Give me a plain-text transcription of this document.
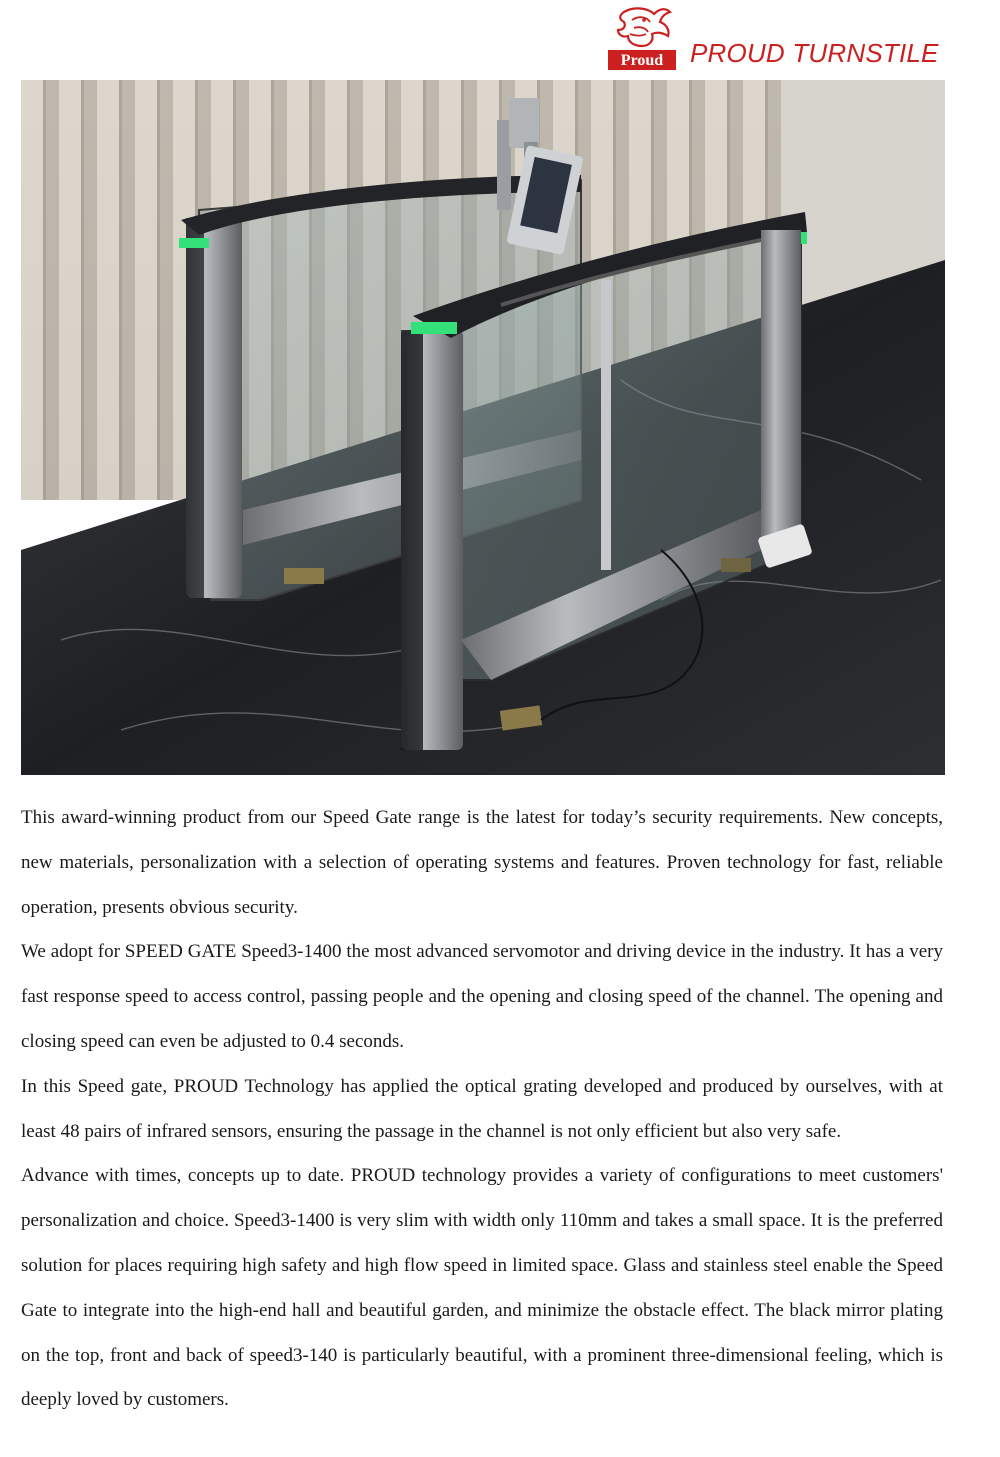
Proud PROUD TURNSTILE

This award-winning product from our Speed Gate range is the latest for today’s security requirements. New concepts, new materials, personalization with a selection of operating systems and features. Proven technology for fast, reliable operation, presents obvious security.

We adopt for SPEED GATE Speed3-1400 the most advanced servomotor and driving device in the industry. It has a very fast response speed to access control, passing people and the opening and closing speed of the channel. The opening and closing speed can even be adjusted to 0.4 seconds.

In this Speed gate, PROUD Technology has applied the optical grating developed and produced by ourselves, with at least 48 pairs of infrared sensors, ensuring the passage in the channel is not only efficient but also very safe.

Advance with times, concepts up to date. PROUD technology provides a variety of configurations to meet customers' personalization and choice. Speed3-1400 is very slim with width only 110mm and takes a small space. It is the preferred solution for places requiring high safety and high flow speed in limited space. Glass and stainless steel enable the Speed Gate to integrate into the high-end hall and beautiful garden, and minimize the obstacle effect. The black mirror plating on the top, front and back of speed3-140 is particularly beautiful, with a prominent three-dimensional feeling, which is deeply loved by customers.
